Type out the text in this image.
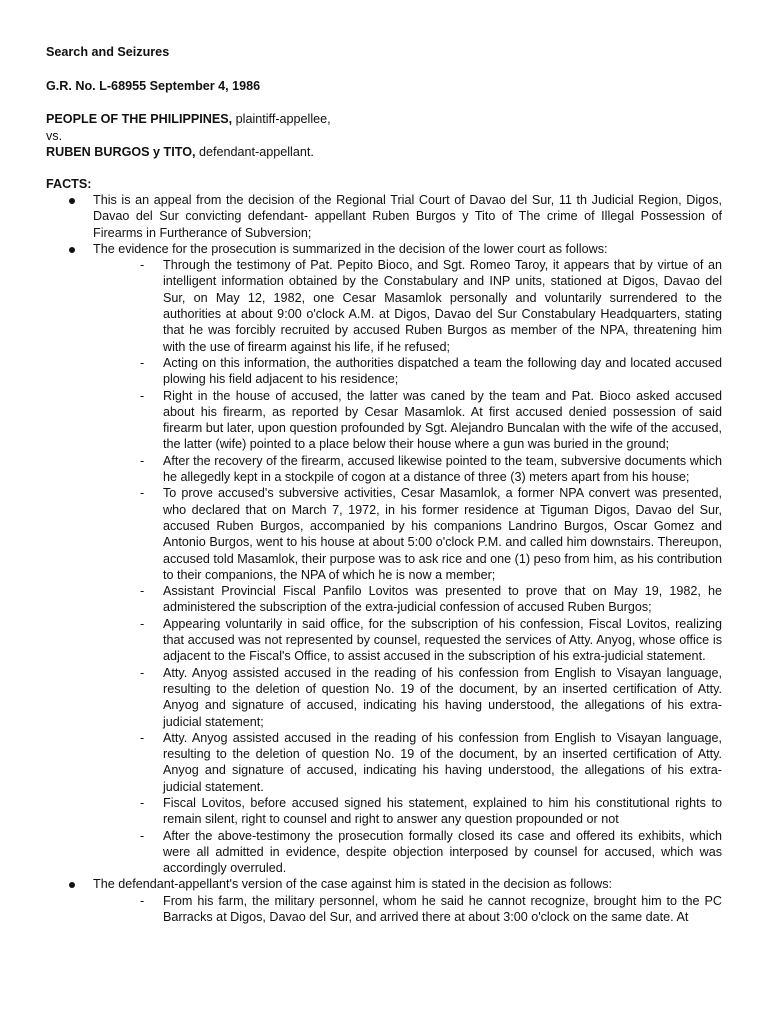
Search and Seizures
G.R. No. L-68955 September 4, 1986
PEOPLE OF THE PHILIPPINES, plaintiff-appellee,
vs.
RUBEN BURGOS y TITO, defendant-appellant.
FACTS:
This is an appeal from the decision of the Regional Trial Court of Davao del Sur, 11 th Judicial Region, Digos, Davao del Sur convicting defendant- appellant Ruben Burgos y Tito of The crime of Illegal Possession of Firearms in Furtherance of Subversion;
The evidence for the prosecution is summarized in the decision of the lower court as follows:
- Through the testimony of Pat. Pepito Bioco, and Sgt. Romeo Taroy, it appears that by virtue of an intelligent information obtained by the Constabulary and INP units, stationed at Digos, Davao del Sur, on May 12, 1982, one Cesar Masamlok personally and voluntarily surrendered to the authorities at about 9:00 o'clock A.M. at Digos, Davao del Sur Constabulary Headquarters, stating that he was forcibly recruited by accused Ruben Burgos as member of the NPA, threatening him with the use of firearm against his life, if he refused;
- Acting on this information, the authorities dispatched a team the following day and located accused plowing his field adjacent to his residence;
- Right in the house of accused, the latter was caned by the team and Pat. Bioco asked accused about his firearm, as reported by Cesar Masamlok. At first accused denied possession of said firearm but later, upon question profounded by Sgt. Alejandro Buncalan with the wife of the accused, the latter (wife) pointed to a place below their house where a gun was buried in the ground;
- After the recovery of the firearm, accused likewise pointed to the team, subversive documents which he allegedly kept in a stockpile of cogon at a distance of three (3) meters apart from his house;
- To prove accused's subversive activities, Cesar Masamlok, a former NPA convert was presented, who declared that on March 7, 1972, in his former residence at Tiguman Digos, Davao del Sur, accused Ruben Burgos, accompanied by his companions Landrino Burgos, Oscar Gomez and Antonio Burgos, went to his house at about 5:00 o'clock P.M. and called him downstairs. Thereupon, accused told Masamlok, their purpose was to ask rice and one (1) peso from him, as his contribution to their companions, the NPA of which he is now a member;
- Assistant Provincial Fiscal Panfilo Lovitos was presented to prove that on May 19, 1982, he administered the subscription of the extra-judicial confession of accused Ruben Burgos;
- Appearing voluntarily in said office, for the subscription of his confession, Fiscal Lovitos, realizing that accused was not represented by counsel, requested the services of Atty. Anyog, whose office is adjacent to the Fiscal's Office, to assist accused in the subscription of his extra-judicial statement.
- Atty. Anyog assisted accused in the reading of his confession from English to Visayan language, resulting to the deletion of question No. 19 of the document, by an inserted certification of Atty. Anyog and signature of accused, indicating his having understood, the allegations of his extra-judicial statement;
- Atty. Anyog assisted accused in the reading of his confession from English to Visayan language, resulting to the deletion of question No. 19 of the document, by an inserted certification of Atty. Anyog and signature of accused, indicating his having understood, the allegations of his extra-judicial statement.
- Fiscal Lovitos, before accused signed his statement, explained to him his constitutional rights to remain silent, right to counsel and right to answer any question propounded or not
- After the above-testimony the prosecution formally closed its case and offered its exhibits, which were all admitted in evidence, despite objection interposed by counsel for accused, which was accordingly overruled.
The defendant-appellant's version of the case against him is stated in the decision as follows:
- From his farm, the military personnel, whom he said he cannot recognize, brought him to the PC Barracks at Digos, Davao del Sur, and arrived there at about 3:00 o'clock on the same date. At
